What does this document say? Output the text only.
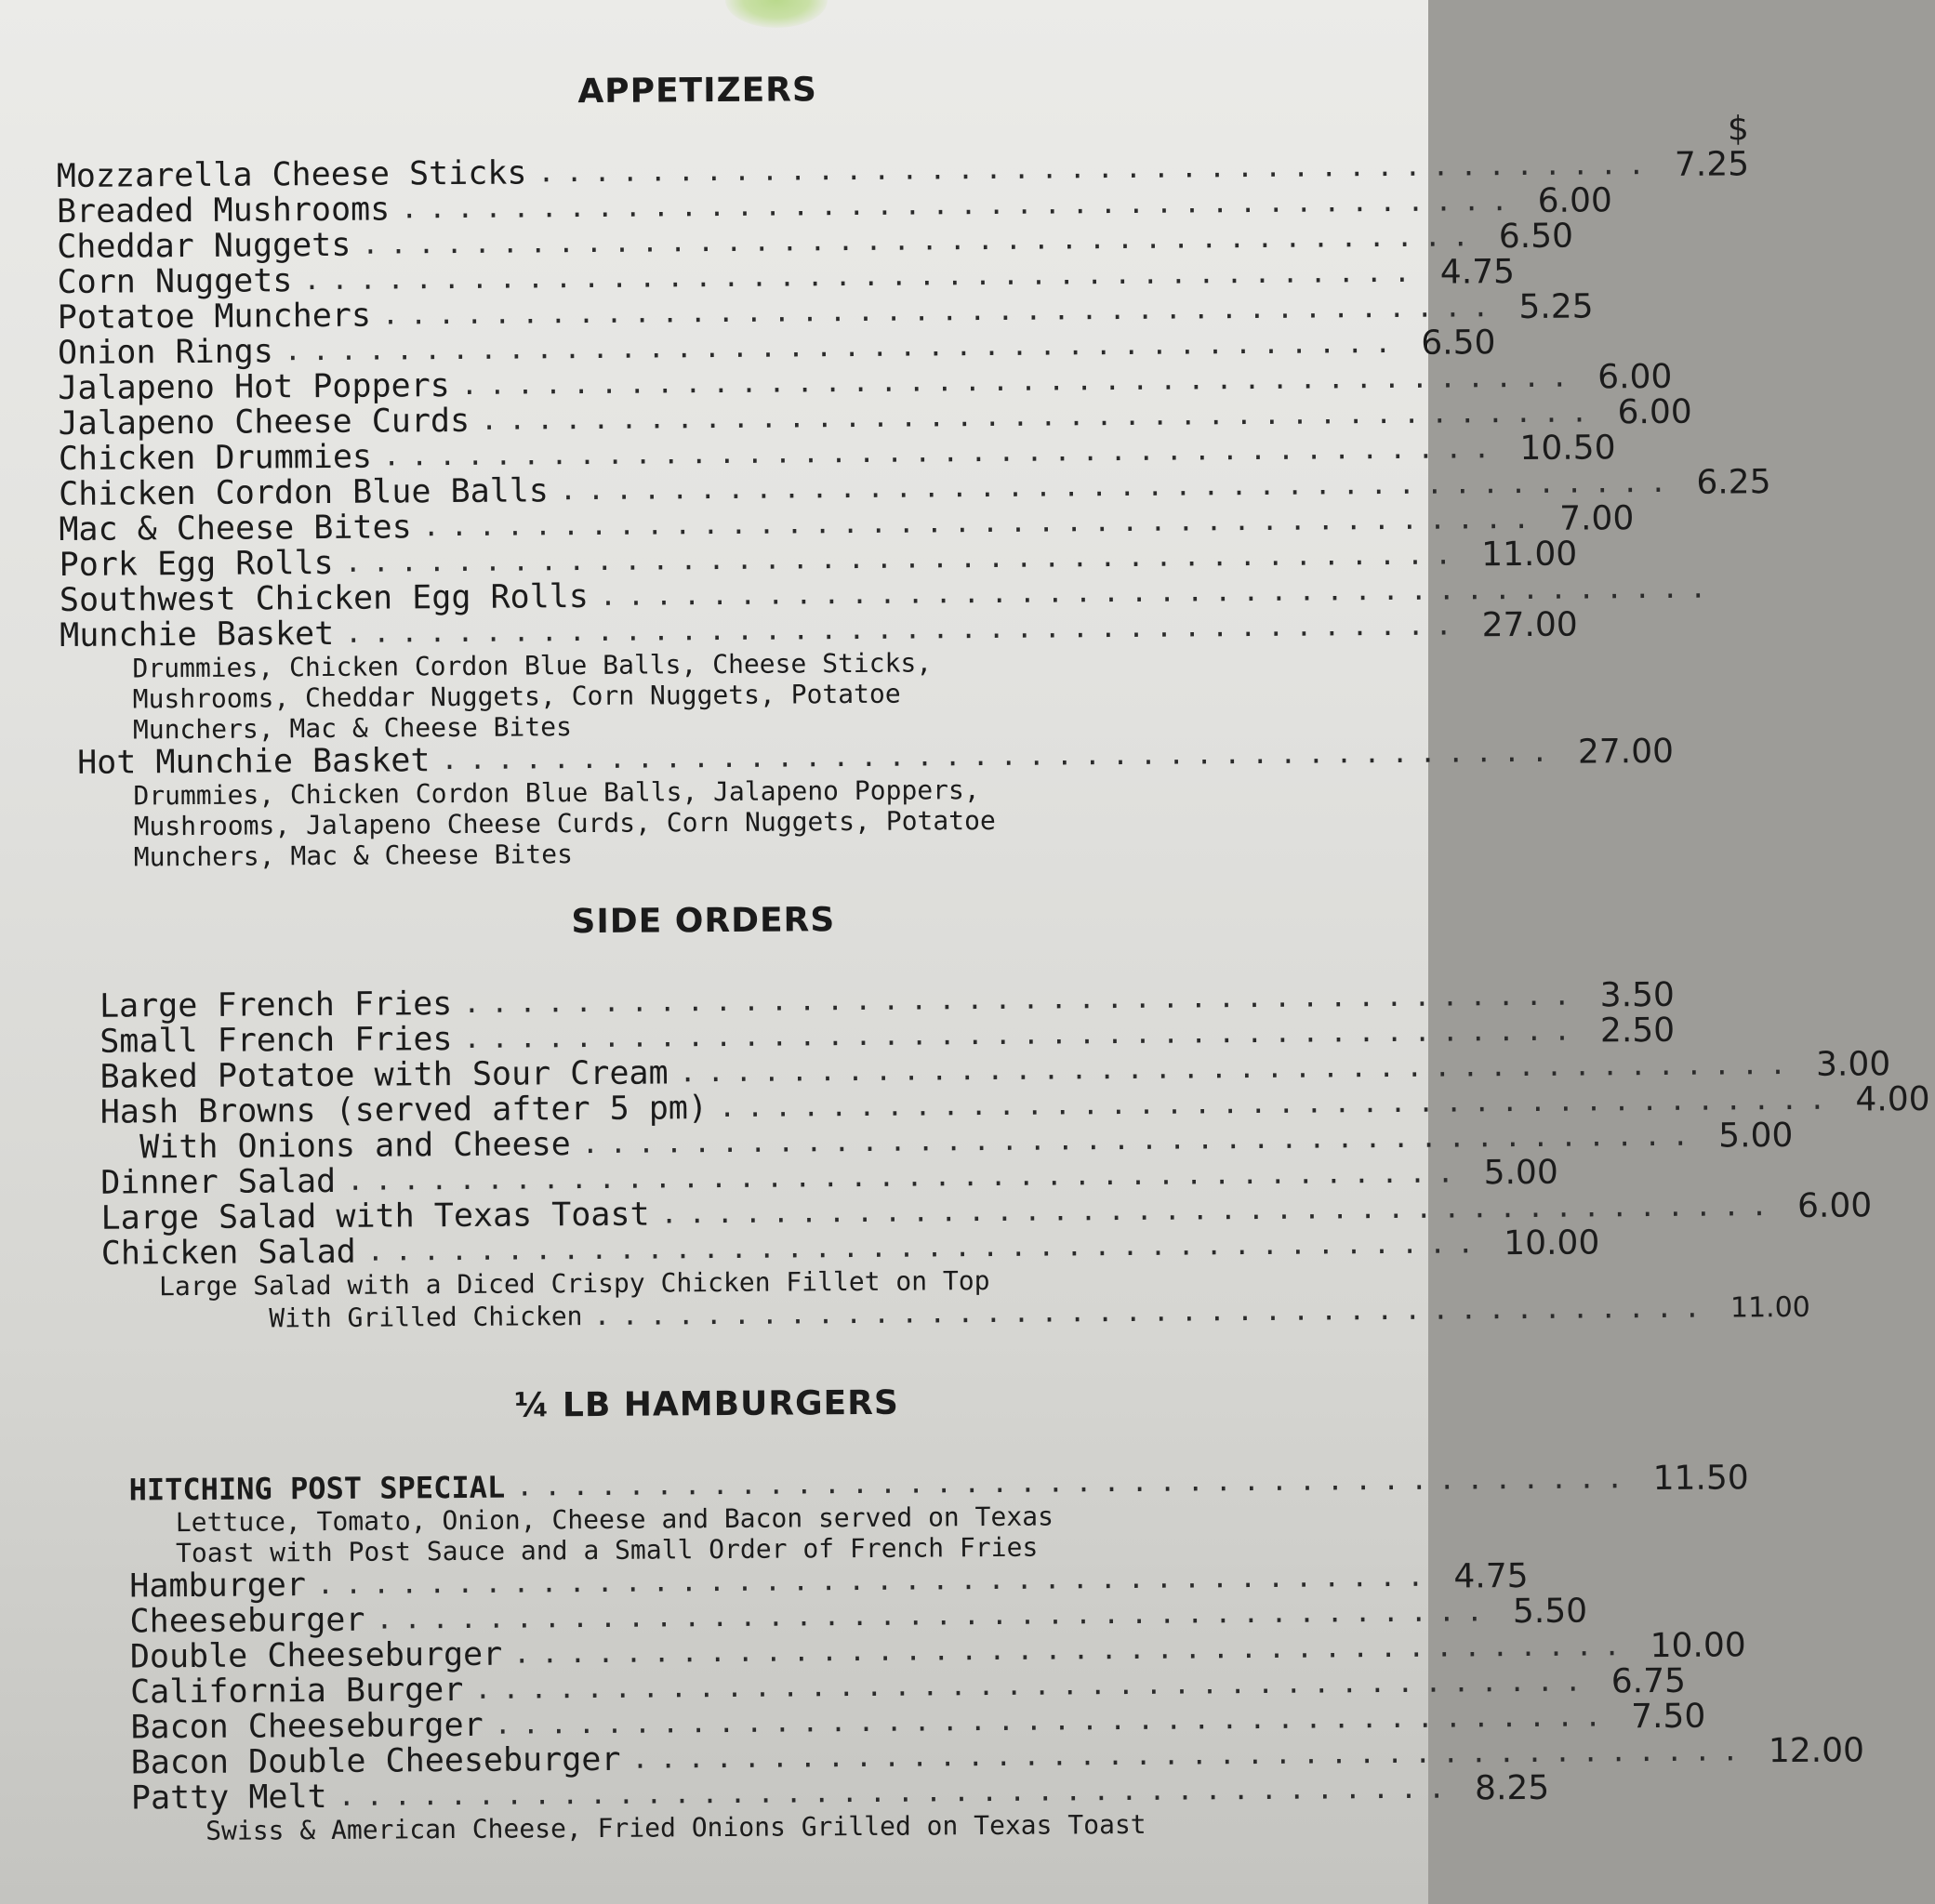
APPETIZERS
Mozzarella Cheese Sticks ........................................
$ 7.25
Breaded Mushrooms ........................................ 6.00
Cheddar Nuggets ........................................ 6.50
Corn Nuggets ........................................ 4.75
Potatoe Munchers ........................................ 5.25
Onion Rings ........................................ 6.50
Jalapeno Hot Poppers ........................................ 6.00
Jalapeno Cheese Curds ........................................ 6.00
Chicken Drummies ........................................ 10.50
Chicken Cordon Blue Balls ........................................ 6.25
Mac & Cheese Bites ........................................ 7.00
Pork Egg Rolls ........................................ 11.00
Southwest Chicken Egg Rolls ........................................
Munchie Basket ........................................ 27.00
Drummies, Chicken Cordon Blue Balls, Cheese Sticks,
Mushrooms, Cheddar Nuggets, Corn Nuggets, Potatoe
Munchers, Mac & Cheese Bites
Hot Munchie Basket ........................................ 27.00
Drummies, Chicken Cordon Blue Balls, Jalapeno Poppers,
Mushrooms, Jalapeno Cheese Curds, Corn Nuggets, Potatoe
Munchers, Mac & Cheese Bites
SIDE ORDERS
Large French Fries ........................................ 3.50
Small French Fries ........................................ 2.50
Baked Potatoe with Sour Cream ........................................ 3.00
Hash Browns (served after 5 pm) ........................................ 4.00
With Onions and Cheese ........................................ 5.00
Dinner Salad ........................................ 5.00
Large Salad with Texas Toast ........................................ 6.00
Chicken Salad ........................................ 10.00
Large Salad with a Diced Crispy Chicken Fillet on Top
With Grilled Chicken ........................................ 11.00
¼ LB HAMBURGERS
HITCHING POST SPECIAL ........................................ 11.50
Lettuce, Tomato, Onion, Cheese and Bacon served on Texas
Toast with Post Sauce and a Small Order of French Fries
Hamburger ........................................ 4.75
Cheeseburger ........................................ 5.50
Double Cheeseburger ........................................ 10.00
California Burger ........................................ 6.75
Bacon Cheeseburger ........................................ 7.50
Bacon Double Cheeseburger ........................................ 12.00
Patty Melt ........................................ 8.25
Swiss & American Cheese, Fried Onions Grilled on Texas Toast
